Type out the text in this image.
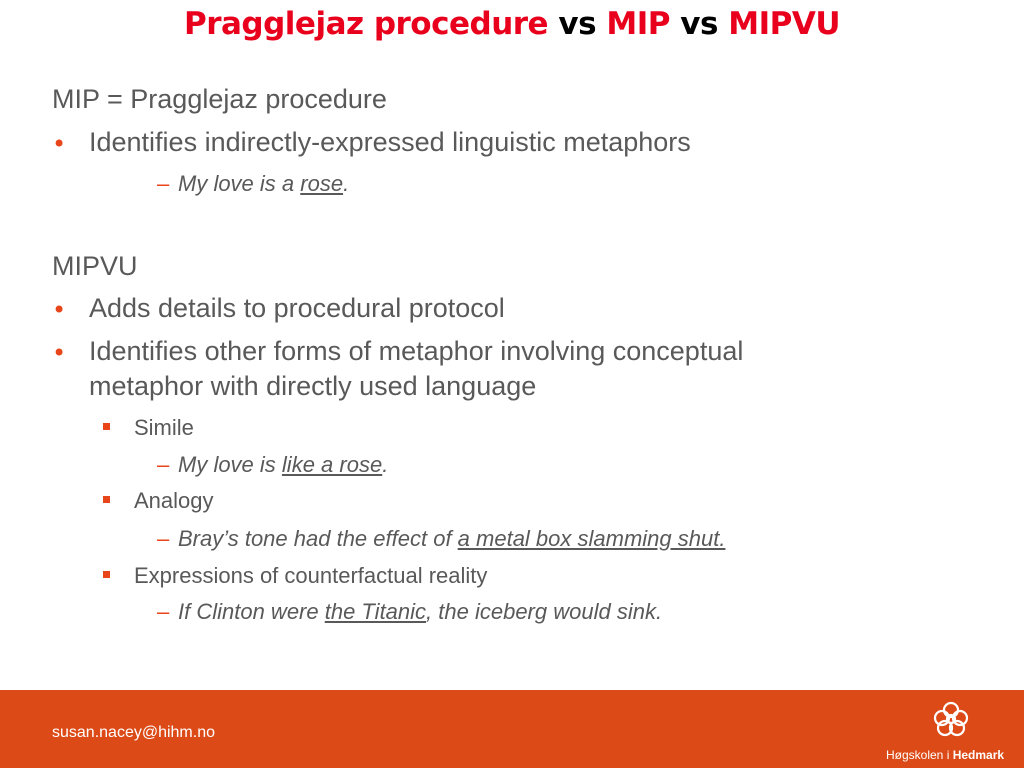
Pragglejaz procedure vs MIP vs MIPVU
MIP = Pragglejaz procedure
• Identifies indirectly-expressed linguistic metaphors
– My love is a rose.
MIPVU
• Adds details to procedural protocol
• Identifies other forms of metaphor involving conceptual
metaphor with directly used language
Simile
– My love is like a rose.
Analogy
– Bray’s tone had the effect of a metal box slamming shut.
Expressions of counterfactual reality
– If Clinton were the Titanic, the iceberg would sink.
susan.nacey@hihm.no
Høgskolen i Hedmark
